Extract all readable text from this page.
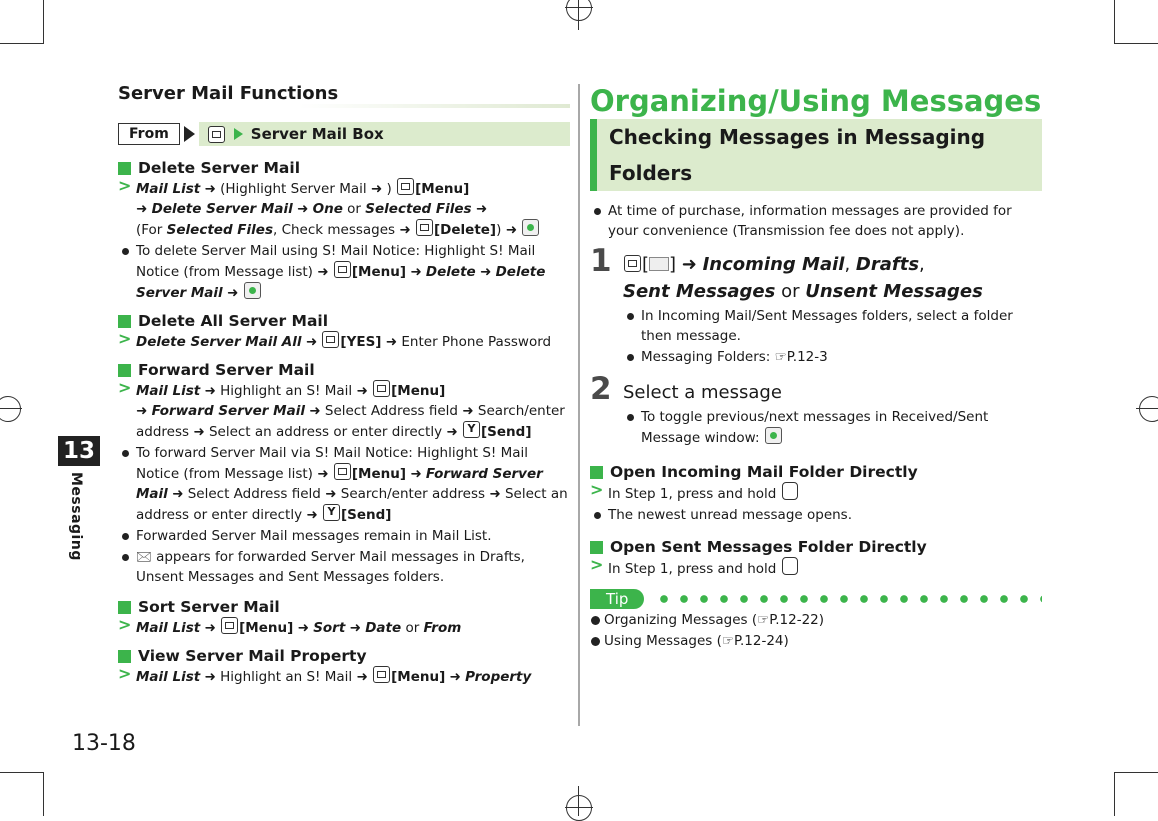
13
Messaging
13-18
Server Mail Functions
From	Server Mail Box
Delete Server Mail
> Mail List ➜ (Highlight Server Mail ➜ ) [Menu]
➜ Delete Server Mail ➜ One or Selected Files ➜
(For Selected Files, Check messages ➜ [Delete]) ➜
To delete Server Mail using S! Mail Notice: Highlight S! Mail Notice (from Message list) ➜ [Menu] ➜ Delete ➜ Delete Server Mail ➜
Delete All Server Mail
> Delete Server Mail All ➜ [YES] ➜ Enter Phone Password
Forward Server Mail
> Mail List ➜ Highlight an S! Mail ➜ [Menu]
➜ Forward Server Mail ➜ Select Address field ➜ Search/enter
address ➜ Select an address or enter directly ➜ Y [Send]
To forward Server Mail via S! Mail Notice: Highlight S! Mail Notice (from Message list) ➜ [Menu] ➜ Forward Server Mail ➜ Select Address field ➜ Search/enter address ➜ Select an address or enter directly ➜ Y [Send]
Forwarded Server Mail messages remain in Mail List.
🖂 appears for forwarded Server Mail messages in Drafts, Unsent Messages and Sent Messages folders.
Sort Server Mail
> Mail List ➜ [Menu] ➜ Sort ➜ Date or From
View Server Mail Property
> Mail List ➜ Highlight an S! Mail ➜ [Menu] ➜ Property
Organizing/Using Messages
Checking Messages in Messaging Folders
At time of purchase, information messages are provided for your convenience (Transmission fee does not apply).
1	[ ] ➜ Incoming Mail, Drafts,
Sent Messages or Unsent Messages
In Incoming Mail/Sent Messages folders, select a folder then message.
Messaging Folders: ☞P.12-3
2 Select a message
To toggle previous/next messages in Received/Sent Message window:
Open Incoming Mail Folder Directly
> In Step 1, press and hold
The newest unread message opens.
Open Sent Messages Folder Directly
> In Step 1, press and hold
Tip
Organizing Messages (☞P.12-22)
Using Messages (☞P.12-24)
